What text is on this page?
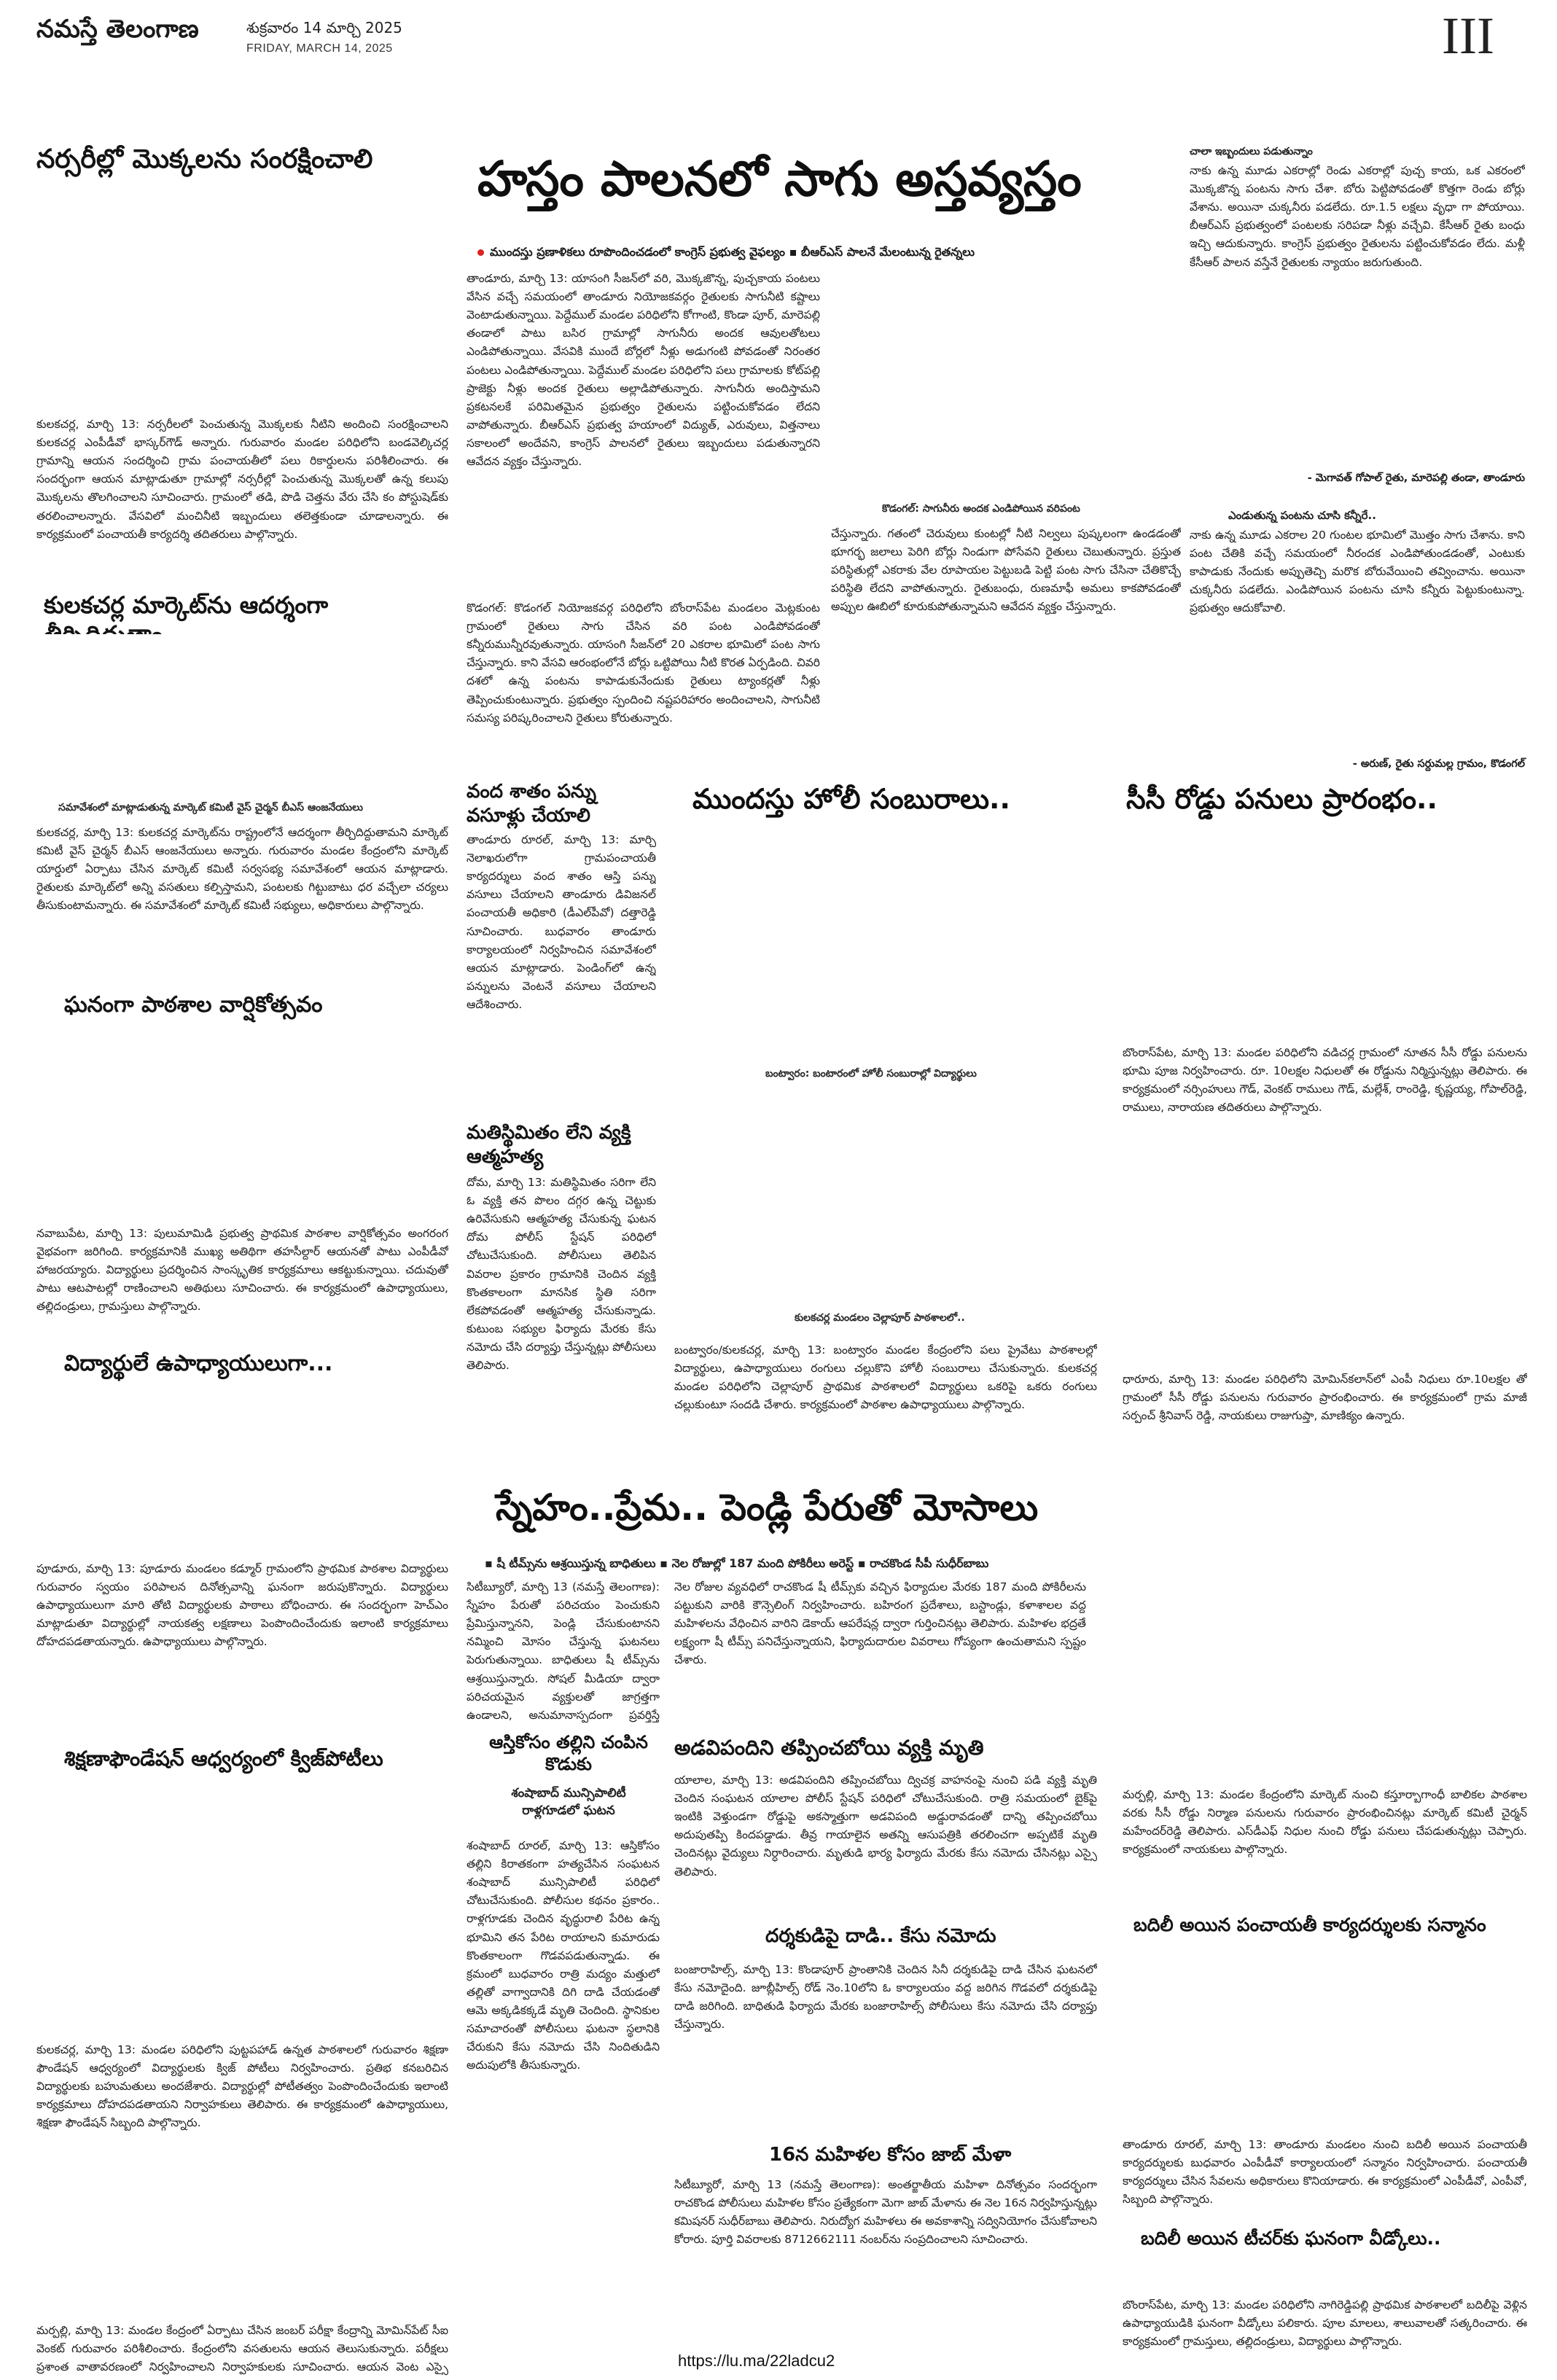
నమస్తే తెలంగాణ	శుక్రవారం 14 మార్చి 2025
FRIDAY, MARCH 14, 2025	III
నర్సరీల్లో మొక్కలను సంరక్షించాలి
కులకచర్ల, మార్చి 13: నర్సరీలలో పెంచుతున్న మొక్కలకు నీటిని అందించి సంరక్షించాలని కులకచర్ల ఎంపీడీవో భాస్కర్‌గౌడ్ అన్నారు. గురువారం మండల పరిధిలోని బండవెల్కిచర్ల గ్రామాన్ని ఆయన సందర్శించి గ్రామ పంచాయతీలో పలు రికార్డులను పరిశీలించారు. ఈ సందర్భంగా ఆయన మాట్లాడుతూ గ్రామాల్లో నర్సరీల్లో పెంచుతున్న మొక్కలతో ఉన్న కలుపు మొక్కలను తొలగించాలని సూచించారు. గ్రామంలో తడి, పొడి చెత్తను వేరు చేసి కం పోస్టుషెడ్‌కు తరలించాలన్నారు. వేసవిలో మంచినీటి ఇబ్బందులు తలెత్తకుండా చూడాలన్నారు. ఈ కార్యక్రమంలో పంచాయతీ కార్యదర్శి తదితరులు పాల్గొన్నారు.
కులకచర్ల మార్కెట్‌ను ఆదర్శంగా
సమావేశంలో మాట్లాడుతున్న మార్కెట్ కమిటీ వైస్ చైర్మన్ బీఎస్ ఆంజనేయులు
కులకచర్ల, మార్చి 13: కులకచర్ల మార్కెట్‌ను రాష్ట్రంలోనే ఆదర్శంగా తీర్చిదిద్దుతామని మార్కెట్ కమిటీ వైస్ చైర్మన్ బీఎస్ ఆంజనేయులు అన్నారు. గురువారం మండల కేంద్రంలోని మార్కెట్ యార్డులో ఏర్పాటు చేసిన మార్కెట్ కమిటీ సర్వసభ్య సమావేశంలో ఆయన మాట్లాడారు. రైతులకు మార్కెట్‌లో అన్ని వసతులు కల్పిస్తామని, పంటలకు గిట్టుబాటు ధర వచ్చేలా చర్యలు తీసుకుంటామన్నారు. ఈ సమావేశంలో మార్కెట్ కమిటీ సభ్యులు, అధికారులు పాల్గొన్నారు.
ఘనంగా పాఠశాల వార్షికోత్సవం
నవాబుపేట, మార్చి 13: పులుమామిడి ప్రభుత్వ ప్రాథమిక పాఠశాల వార్షికోత్సవం అంగరంగ వైభవంగా జరిగింది. కార్యక్రమానికి ముఖ్య అతిథిగా తహసీల్దార్ ఆయనతో పాటు ఎంపీడీవో హాజరయ్యారు. విద్యార్థులు ప్రదర్శించిన సాంస్కృతిక కార్యక్రమాలు ఆకట్టుకున్నాయి. చదువుతో పాటు ఆటపాటల్లో రాణించాలని అతిథులు సూచించారు. ఈ కార్యక్రమంలో ఉపాధ్యాయులు, తల్లిదండ్రులు, గ్రామస్తులు పాల్గొన్నారు.
విద్యార్థులే ఉపాధ్యాయులుగా...
హస్తం పాలనలో సాగు అస్తవ్యస్తం
ముందస్తు ప్రణాళికలు రూపొందించడంలో కాంగ్రెస్ ప్రభుత్వ వైఫల్యం ▪ బీఆర్ఎస్ పాలనే మేలంటున్న రైతన్నలు
తాండూరు, మార్చి 13: యాసంగి సీజన్‌లో వరి, మొక్కజొన్న, పుచ్చకాయ పంటలు వేసిన వచ్చే సమయంలో తాండూరు నియోజకవర్గం రైతులకు సాగునీటి కష్టాలు వెంటాడుతున్నాయి. పెద్దేముల్ మండల పరిధిలోని కోగాంటి, కొండా పూర్, మారెపల్లి తండాలో పాటు బసిర గ్రామాల్లో సాగునీరు అందక ఆవులతోటలు ఎండిపోతున్నాయి. వేసవికి ముందే బోర్లలో నీళ్లు అడుగంటి పోవడంతో నిరంతర పంటలు ఎండిపోతున్నాయి. పెద్దేముల్ మండల పరిధిలోని పలు గ్రామాలకు కోట్‌పల్లి ప్రాజెక్టు నీళ్లు అందక రైతులు అల్లాడిపోతున్నారు. సాగునీరు అందిస్తామని ప్రకటనలకే పరిమితమైన ప్రభుత్వం రైతులను పట్టించుకోవడం లేదని వాపోతున్నారు. బీఆర్ఎస్ ప్రభుత్వ హయాంలో విద్యుత్, ఎరువులు, విత్తనాలు సకాలంలో అందేవని, కాంగ్రెస్ పాలనలో రైతులు ఇబ్బందులు పడుతున్నారని ఆవేదన వ్యక్తం చేస్తున్నారు.
కొడంగల్: కొడంగల్ నియోజకవర్గ పరిధిలోని బోంరాస్‌పేట మండలం మెట్లకుంట గ్రామంలో రైతులు సాగు చేసిన వరి పంట ఎండిపోవడంతో కన్నీరుమున్నీరవుతున్నారు. యాసంగి సీజన్‌లో 20 ఎకరాల భూమిలో పంట సాగు చేస్తున్నారు. కాని వేసవి ఆరంభంలోనే బోర్లు ఒట్టిపోయి నీటి కొరత ఏర్పడింది. చివరి దశలో ఉన్న పంటను కాపాడుకునేందుకు రైతులు ట్యాంకర్లతో నీళ్లు తెప్పించుకుంటున్నారు. ప్రభుత్వం స్పందించి నష్టపరిహారం అందించాలని, సాగునీటి సమస్య పరిష్కరించాలని రైతులు కోరుతున్నారు.
కొడంగల్: సాగునీరు అందక ఎండిపోయిన వరిపంట
చేస్తున్నారు. గతంలో చెరువులు కుంటల్లో నీటి నిల్వలు పుష్కలంగా ఉండడంతో భూగర్భ జలాలు పెరిగి బోర్లు నిండుగా పోసేవని రైతులు చెబుతున్నారు. ప్రస్తుత పరిస్థితుల్లో ఎకరాకు వేల రూపాయల పెట్టుబడి పెట్టి పంట సాగు చేసినా చేతికొచ్చే పరిస్థితి లేదని వాపోతున్నారు. రైతుబంధు, రుణమాఫీ అమలు కాకపోవడంతో అప్పుల ఊబిలో కూరుకుపోతున్నామని ఆవేదన వ్యక్తం చేస్తున్నారు.
చాలా ఇబ్బందులు పడుతున్నాం
నాకు ఉన్న మూడు ఎకరాల్లో రెండు ఎకరాల్లో పుచ్చ కాయ, ఒక ఎకరంలో మొక్కజొన్న పంటను సాగు చేశా. బోరు పెట్టిపోవడంతో కొత్తగా రెండు బోర్లు వేశాను. అయినా చుక్కనీరు పడలేదు. రూ.1.5 లక్షలు వృధా గా పోయాయి. బీఆర్ఎస్ ప్రభుత్వంలో పంటలకు సరిపడా నీళ్లు వచ్చేవి. కేసీఆర్ రైతు బంధు ఇచ్చి ఆదుకున్నారు. కాంగ్రెస్ ప్రభుత్వం రైతులను పట్టించుకోవడం లేదు. మళ్లీ కేసీఆర్ పాలన వస్తేనే రైతులకు న్యాయం జరుగుతుంది.
- మెగావత్ గోపాల్ రైతు, మారెపల్లి తండా, తాండూరు
ఎండుతున్న పంటను చూసి కన్నీరే..
నాకు ఉన్న మూడు ఎకరాల 20 గుంటల భూమిలో మొత్తం సాగు చేశాను. కాని పంట చేతికి వచ్చే సమయంలో నీరందక ఎండిపోతుండడంతో, ఎంటుకు కాపాడుకు నేందుకు అప్పుతెచ్చి మరొక బోరువేయించి తవ్వించాను. అయినా చుక్కనీరు పడలేదు. ఎండిపోయిన పంటను చూసి కన్నీరు పెట్టుకుంటున్నా. ప్రభుత్వం ఆదుకోవాలి.
- అరుణ్, రైతు సర్దుమల్ల గ్రామం, కొడంగల్
వంద శాతం పన్ను వసూళ్లు చేయాలి
తాండూరు రూరల్, మార్చి 13: మార్చి నెలాఖరులోగా గ్రామపంచాయతీ కార్యదర్శులు వంద శాతం ఆస్తి పన్ను వసూలు చేయాలని తాండూరు డివిజనల్ పంచాయతీ అధికారి (డీఎల్‌పీవో) దత్తారెడ్డి సూచించారు. బుధవారం తాండూరు కార్యాలయంలో నిర్వహించిన సమావేశంలో ఆయన మాట్లాడారు. పెండింగ్‌లో ఉన్న పన్నులను వెంటనే వసూలు చేయాలని ఆదేశించారు.
మతిస్థిమితం లేని వ్యక్తి ఆత్మహత్య
దోమ, మార్చి 13: మతిస్థిమితం సరిగా లేని ఓ వ్యక్తి తన పొలం దగ్గర ఉన్న చెట్టుకు ఉరివేసుకుని ఆత్మహత్య చేసుకున్న ఘటన దోమ పోలీస్‌ స్టేషన్ పరిధిలో చోటుచేసుకుంది. పోలీసులు తెలిపిన వివరాల ప్రకారం గ్రామానికి చెందిన వ్యక్తి కొంతకాలంగా మానసిక స్థితి సరిగా లేకపోవడంతో ఆత్మహత్య చేసుకున్నాడు. కుటుంబ సభ్యుల ఫిర్యాదు మేరకు కేసు నమోదు చేసి దర్యాప్తు చేస్తున్నట్లు పోలీసులు తెలిపారు.
ముందస్తు హోలీ సంబురాలు..
బంట్వారం: బంటారంలో హోలీ సంబురాల్లో విద్యార్థులు
కులకచర్ల మండలం చెల్లాపూర్ పాఠశాలలో..
బంట్వారం/కులకచర్ల, మార్చి 13: బంట్వారం మండల కేంద్రంలోని పలు ప్రైవేటు పాఠశాలల్లో విద్యార్థులు, ఉపాధ్యాయులు రంగులు చల్లుకొని హోలీ సంబురాలు చేసుకున్నారు. కులకచర్ల మండల పరిధిలోని చెల్లాపూర్ ప్రాథమిక పాఠశాలలో విద్యార్థులు ఒకరిపై ఒకరు రంగులు చల్లుకుంటూ సందడి చేశారు. కార్యక్రమంలో పాఠశాల ఉపాధ్యాయులు పాల్గొన్నారు.
సీసీ రోడ్డు పనులు ప్రారంభం..
బొంరాస్‌పేట, మార్చి 13: మండల పరిధిలోని వడిచర్ల గ్రామంలో నూతన సీసీ రోడ్డు పనులను భూమి పూజ నిర్వహించారు. రూ. 10లక్షల నిధులతో ఈ రోడ్డును నిర్మిస్తున్నట్లు తెలిపారు. ఈ కార్యక్రమంలో నర్సింహులు గౌడ్, వెంకట్ రాములు గౌడ్, మల్లేశ్, రాంరెడ్డి, కృష్ణయ్య, గోపాల్‌రెడ్డి, రాములు, నారాయణ తదితరులు పాల్గొన్నారు.
ధారూరు, మార్చి 13: మండల పరిధిలోని మోమిన్‌కలాన్‌లో ఎంపీ నిధులు రూ.10లక్షల తో గ్రామంలో సీసీ రోడ్డు పనులను గురువారం ప్రారంభించారు. ఈ కార్యక్రమంలో గ్రామ మాజీ సర్పంచ్ శ్రీనివాస్ రెడ్డి, నాయకులు రాజుగుప్తా, మాణిక్యం ఉన్నారు.
స్నేహం..ప్రేమ.. పెండ్లి పేరుతో మోసాలు
▪ షీ టీమ్స్‌ను ఆశ్రయిస్తున్న బాధితులు ▪ నెల రోజుల్లో 187 మంది పోకిరీలు అరెస్ట్ ▪ రాచకొండ సీపీ సుధీర్‌బాబు
సిటీబ్యూరో, మార్చి 13 (నమస్తే తెలంగాణ): స్నేహం పేరుతో పరిచయం పెంచుకుని ప్రేమిస్తున్నానని, పెండ్లి చేసుకుంటానని నమ్మించి మోసం చేస్తున్న ఘటనలు పెరుగుతున్నాయి. బాధితులు షీ టీమ్స్‌ను ఆశ్రయిస్తున్నారు. సోషల్ మీడియా ద్వారా పరిచయమైన వ్యక్తులతో జాగ్రత్తగా ఉండాలని, అనుమానాస్పదంగా ప్రవర్తిస్తే
నెల రోజుల వ్యవధిలో రాచకొండ షీ టీమ్స్‌కు వచ్చిన ఫిర్యాదుల మేరకు 187 మంది పోకిరీలను పట్టుకుని వారికి కౌన్సెలింగ్ నిర్వహించారు. బహిరంగ ప్రదేశాలు, బస్టాండ్లు, కళాశాలల వద్ద మహిళలను వేధించిన వారిని డెకాయ్ ఆపరేషన్ల ద్వారా గుర్తించినట్లు తెలిపారు. మహిళల భద్రతే లక్ష్యంగా షీ టీమ్స్ పనిచేస్తున్నాయని, ఫిర్యాదుదారుల వివరాలు గోప్యంగా ఉంచుతామని స్పష్టం చేశారు.
పూడూరు, మార్చి 13: పూడూరు మండలం కడ్మూర్ గ్రామంలోని ప్రాథమిక పాఠశాల విద్యార్థులు గురువారం స్వయం పరిపాలన దినోత్సవాన్ని ఘనంగా జరుపుకొన్నారు. విద్యార్థులు ఉపాధ్యాయులుగా మారి తోటి విద్యార్థులకు పాఠాలు బోధించారు. ఈ సందర్భంగా హెచ్ఎం మాట్లాడుతూ విద్యార్థుల్లో నాయకత్వ లక్షణాలు పెంపొందించేందుకు ఇలాంటి కార్యక్రమాలు దోహదపడతాయన్నారు. ఉపాధ్యాయులు పాల్గొన్నారు.
శిక్షణాఫౌండేషన్ ఆధ్వర్యంలో క్విజ్‌పోటీలు
కులకచర్ల, మార్చి 13: మండల పరిధిలోని పుట్టపహాడ్ ఉన్నత పాఠశాలలో గురువారం శిక్షణా ఫౌండేషన్ ఆధ్వర్యంలో విద్యార్థులకు క్విజ్ పోటీలు నిర్వహించారు. ప్రతిభ కనబరిచిన విద్యార్థులకు బహుమతులు అందజేశారు. విద్యార్థుల్లో పోటీతత్వం పెంపొందించేందుకు ఇలాంటి కార్యక్రమాలు దోహదపడతాయని నిర్వాహకులు తెలిపారు. ఈ కార్యక్రమంలో ఉపాధ్యాయులు, శిక్షణా ఫౌండేషన్ సిబ్బంది పాల్గొన్నారు.
మర్పల్లి, మార్చి 13: మండల కేంద్రంలో ఏర్పాటు చేసిన జంబర్ పరీక్షా కేంద్రాన్ని మోమిన్‌పేట్ సీఐ వెంకట్ గురువారం పరిశీలించారు. కేంద్రంలోని వసతులను ఆయన తెలుసుకున్నారు. పరీక్షలు ప్రశాంత వాతావరణంలో నిర్వహించాలని నిర్వాహకులకు సూచించారు. ఆయన వెంట ఎస్సై
ఆస్తికోసం తల్లిని చంపిన కొడుకు
శంషాబాద్ మున్సిపాలిటీ రాళ్లగూడలో ఘటన
శంషాబాద్ రూరల్, మార్చి 13: ఆస్తికోసం తల్లిని కిరాతకంగా హత్యచేసిన సంఘటన శంషాబాద్ మున్సిపాలిటీ పరిధిలో చోటుచేసుకుంది. పోలీసుల కథనం ప్రకారం.. రాళ్లగూడకు చెందిన వృద్ధురాలి పేరిట ఉన్న భూమిని తన పేరిట రాయాలని కుమారుడు కొంతకాలంగా గొడవపడుతున్నాడు. ఈ క్రమంలో బుధవారం రాత్రి మద్యం మత్తులో తల్లితో వాగ్వాదానికి దిగి దాడి చేయడంతో ఆమె అక్కడికక్కడే మృతి చెందింది. స్థానికుల సమాచారంతో పోలీసులు ఘటనా స్థలానికి చేరుకుని కేసు నమోదు చేసి నిందితుడిని అదుపులోకి తీసుకున్నారు.
అడవిపందిని తప్పించబోయి వ్యక్తి మృతి
యాలాల, మార్చి 13: అడవిపందిని తప్పించబోయి ద్విచక్ర వాహనంపై నుంచి పడి వ్యక్తి మృతి చెందిన సంఘటన యాలాల పోలీస్ స్టేషన్ పరిధిలో చోటుచేసుకుంది. రాత్రి సమయంలో బైక్‌పై ఇంటికి వెళ్తుండగా రోడ్డుపై అకస్మాత్తుగా అడవిపంది అడ్డురావడంతో దాన్ని తప్పించబోయి అదుపుతప్పి కిందపడ్డాడు. తీవ్ర గాయాలైన అతన్ని ఆసుపత్రికి తరలించగా అప్పటికే మృతి చెందినట్లు వైద్యులు నిర్ధారించారు. మృతుడి భార్య ఫిర్యాదు మేరకు కేసు నమోదు చేసినట్లు ఎస్సై తెలిపారు.
దర్శకుడిపై దాడి.. కేసు నమోదు
బంజారాహిల్స్, మార్చి 13: కొండాపూర్ ప్రాంతానికి చెందిన సినీ దర్శకుడిపై దాడి చేసిన ఘటనలో కేసు నమోదైంది. జూబ్లీహిల్స్ రోడ్ నెం.10లోని ఓ కార్యాలయం వద్ద జరిగిన గొడవలో దర్శకుడిపై దాడి జరిగింది. బాధితుడి ఫిర్యాదు మేరకు బంజారాహిల్స్ పోలీసులు కేసు నమోదు చేసి దర్యాప్తు చేస్తున్నారు.
16న మహిళల కోసం జాబ్ మేళా
సిటీబ్యూరో, మార్చి 13 (నమస్తే తెలంగాణ): అంతర్జాతీయ మహిళా దినోత్సవం సందర్భంగా రాచకొండ పోలీసులు మహిళల కోసం ప్రత్యేకంగా మెగా జాబ్ మేళాను ఈ నెల 16న నిర్వహిస్తున్నట్లు కమిషనర్ సుధీర్‌బాబు తెలిపారు. నిరుద్యోగ మహిళలు ఈ అవకాశాన్ని సద్వినియోగం చేసుకోవాలని కోరారు. పూర్తి వివరాలకు 8712662111 నంబర్‌ను సంప్రదించాలని సూచించారు.
https://lu.ma/22ladcu2
మర్పల్లి, మార్చి 13: మండల కేంద్రంలోని మార్కెట్ నుంచి కస్తూర్బాగాంధీ బాలికల పాఠశాల వరకు సీసీ రోడ్డు నిర్మాణ పనులను గురువారం ప్రారంభించినట్లు మార్కెట్ కమిటీ చైర్మన్ మహేందర్‌రెడ్డి తెలిపారు. ఎస్‌డీఎఫ్ నిధుల నుంచి రోడ్డు పనులు చేపడుతున్నట్లు చెప్పారు. కార్యక్రమంలో నాయకులు పాల్గొన్నారు.
బదిలీ అయిన పంచాయతీ కార్యదర్శులకు సన్మానం
తాండూరు రూరల్, మార్చి 13: తాండూరు మండలం నుంచి బదిలీ అయిన పంచాయతీ కార్యదర్శులకు బుధవారం ఎంపీడీవో కార్యాలయంలో సన్మానం నిర్వహించారు. పంచాయతీ కార్యదర్శులు చేసిన సేవలను అధికారులు కొనియాడారు. ఈ కార్యక్రమంలో ఎంపీడీవో, ఎంపీవో, సిబ్బంది పాల్గొన్నారు.
బదిలీ అయిన టీచర్‌కు ఘనంగా వీడ్కోలు..
బొంరాస్‌పేట, మార్చి 13: మండల పరిధిలోని నాగిరెడ్డిపల్లి ప్రాథమిక పాఠశాలలో బదిలీపై వెళ్లిన ఉపాధ్యాయుడికి ఘనంగా వీడ్కోలు పలికారు. పూల మాలలు, శాలువాలతో సత్కరించారు. ఈ కార్యక్రమంలో గ్రామస్తులు, తల్లిదండ్రులు, విద్యార్థులు పాల్గొన్నారు.
